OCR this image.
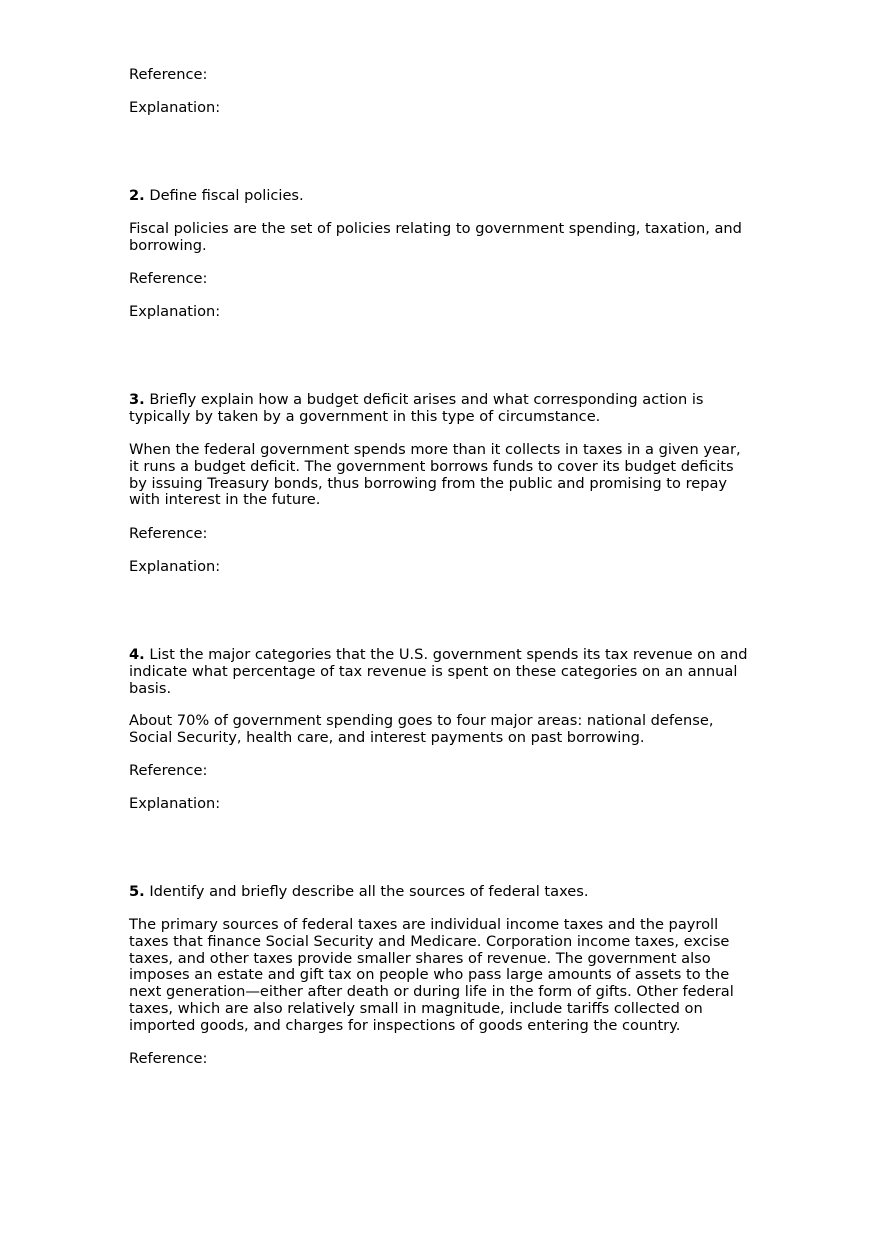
Reference:

Explanation:

2. Define fiscal policies.

Fiscal policies are the set of policies relating to government spending, taxation, and borrowing.

Reference:

Explanation:

3. Briefly explain how a budget deficit arises and what corresponding action is typically by taken by a government in this type of circumstance.

When the federal government spends more than it collects in taxes in a given year, it runs a budget deficit. The government borrows funds to cover its budget deficits by issuing Treasury bonds, thus borrowing from the public and promising to repay with interest in the future.

Reference:

Explanation:

4. List the major categories that the U.S. government spends its tax revenue on and indicate what percentage of tax revenue is spent on these categories on an annual basis.

About 70% of government spending goes to four major areas: national defense, Social Security, health care, and interest payments on past borrowing.

Reference:

Explanation:

5. Identify and briefly describe all the sources of federal taxes.

The primary sources of federal taxes are individual income taxes and the payroll taxes that finance Social Security and Medicare. Corporation income taxes, excise taxes, and other taxes provide smaller shares of revenue. The government also imposes an estate and gift tax on people who pass large amounts of assets to the next generation—either after death or during life in the form of gifts. Other federal taxes, which are also relatively small in magnitude, include tariffs collected on imported goods, and charges for inspections of goods entering the country.

Reference:
